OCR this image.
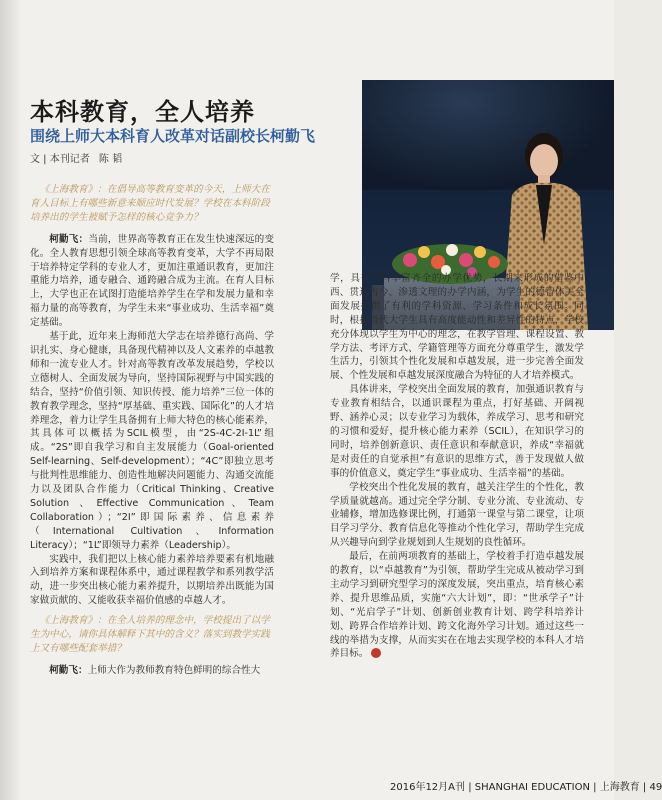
本科教育，全人培养
围绕上师大本科育人改革对话副校长柯勤飞
文 | 本刊记者 陈 韬

《上海教育》：在倡导高等教育变革的今天，上师大在育人目标上有哪些新意来顺应时代发展？学校在本科阶段培养出的学生被赋予怎样的核心竞争力？

柯勤飞：当前，世界高等教育正在发生快速深远的变化。全人教育思想引领全球高等教育变革，大学不再局限于培养特定学科的专业人才，更加注重通识教育，更加注重能力培养，通专融合、通跨融合成为主流。在育人目标上，大学也正在试图打造能培养学生在学和发展力量和幸福力量的高等教育，为学生未来“事业成功、生活幸福”奠定基础。

基于此，近年来上海师范大学志在培养德行高尚、学识扎实、身心健康，具备现代精神以及人文素养的卓越教师和一流专业人才。针对高等教育改革发展趋势，学校以立德树人、全面发展为导向，坚持国际视野与中国实践的结合，坚持“价值引领、知识传授、能力培养”三位一体的教育教学理念，坚持“厚基础、重实践、国际化”的人才培养理念，着力让学生具备拥有上师大特色的核心能素养，其具体可以概括为SCIL模型，由“2S-4C-2I-1L”组成。“2S”即自我学习和自主发展能力（Goal-oriented Self-learning、Self-development）；“4C”即独立思考与批判性思维能力、创造性地解决问题能力、沟通交流能力以及团队合作能力（Critical Thinking、Creative Solution 、Effective Communication、Team Collaboration）；“2I”即国际素养、信息素养（International Cultivation、Information Literacy）；“1L”即领导力素养（Leadership）。

实践中，我们把以上核心能力素养培养要素有机地融入到培养方案和课程体系中，通过课程教学和系列教学活动，进一步突出核心能力素养提升，以期培养出既能为国家做贡献的、又能收获幸福价值感的卓越人才。

《上海教育》：在全人培养的理念中，学校提出了以学生为中心，请你具体解释下其中的含义？落实到教学实践上又有哪些配套举措？

柯勤飞：上师大作为教师教育特色鲜明的综合性大

学，具有学科丰富齐全的办学优势，长期来形成的借鉴中西、贯通古今、渗透文理的办学内涵，为学生的德智体美全面发展提供了有利的学科资源、学习条件和成长氛围。同时，根据当代大学生具有高度能动性和差异性的特点，学校充分体现以学生为中心的理念，在教学管理、课程设置、教学方法、考评方式、学籍管理等方面充分尊重学生，激发学生活力，引领其个性化发展和卓越发展，进一步完善全面发展、个性发展和卓越发展深度融合为特征的人才培养模式。

具体讲来，学校突出全面发展的教育，加强通识教育与专业教育相结合，以通识课程为重点，打好基础、开阔视野、涵养心灵；以专业学习为载体，养成学习、思考和研究的习惯和爱好，提升核心能力素养（SCIL），在知识学习的同时，培养创新意识、责任意识和奉献意识，养成“幸福就是对责任的自觉承担”有意识的思维方式，善于发现做人做事的价值意义，奠定学生“事业成功、生活幸福”的基础。

学校突出个性化发展的教育，越关注学生的个性化，教学质量就越高。通过完全学分制、专业分流、专业流动、专业辅修，增加选修课比例，打通第一课堂与第二课堂，让项目学习学分、教育信息化等推动个性化学习，帮助学生完成从兴趣导向到学业规划到人生规划的良性循环。

最后，在前两项教育的基础上，学校着手打造卓越发展的教育，以“卓越教育”为引领，帮助学生完成从被动学习到主动学习到研究型学习的深度发展，突出重点，培育核心素养、提升思维品质，实施“六大计划”，即：“世承学子”计划、“光启学子”计划、创新创业教育计划、跨学科培养计划、跨界合作培养计划、跨文化海外学习计划。通过这些一线的举措为支撑，从而实实在在地去实现学校的本科人才培养目标。

2016年12月A刊 | SHANGHAI EDUCATION | 上海教育 | 49
